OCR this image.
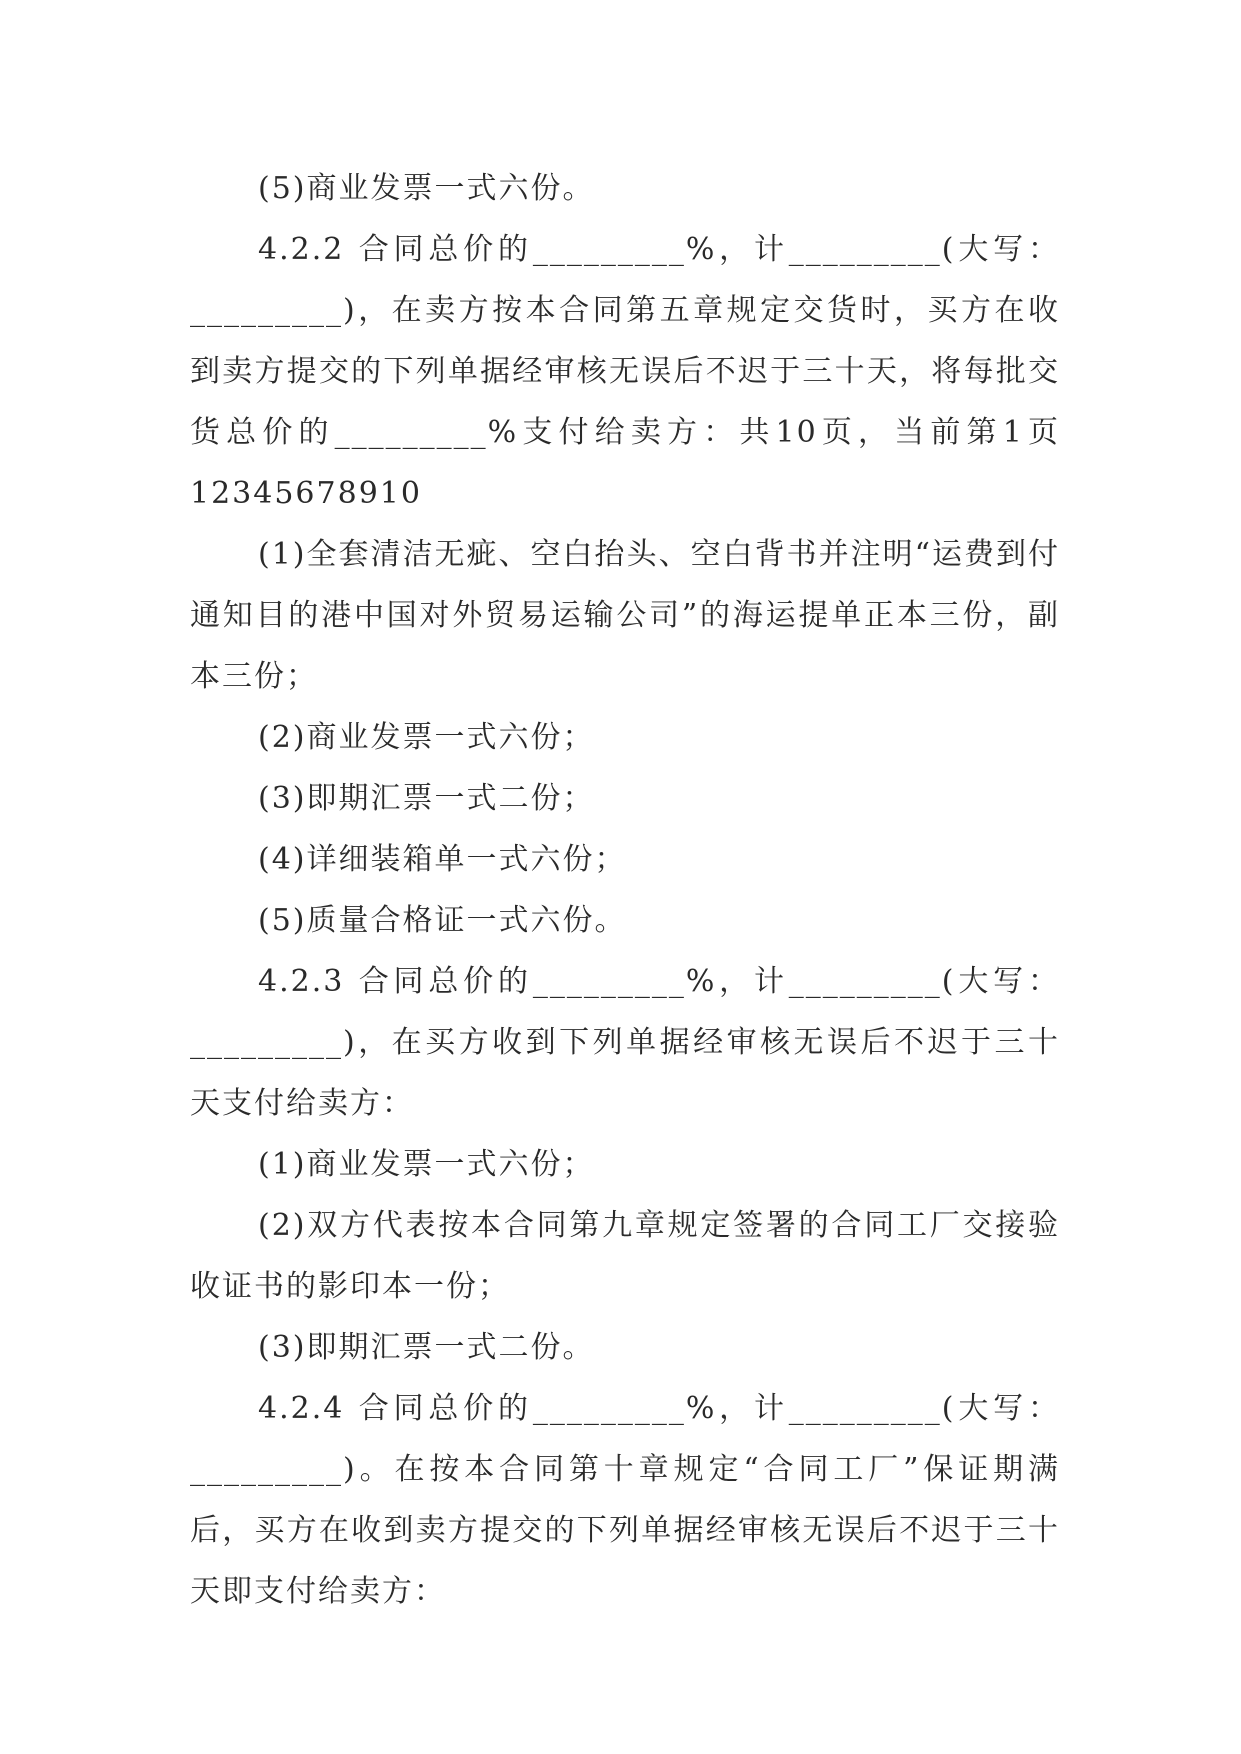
(5)商业发票一式六份。

4.2.2 合同总价的_________%，计_________(大写：_________)，在卖方按本合同第五章规定交货时，买方在收到卖方提交的下列单据经审核无误后不迟于三十天，将每批交货总价的_________%支付给卖方：共10页，当前第1页12345678910

(1)全套清洁无疵、空白抬头、空白背书并注明“运费到付通知目的港中国对外贸易运输公司”的海运提单正本三份，副本三份；

(2)商业发票一式六份；

(3)即期汇票一式二份；

(4)详细装箱单一式六份；

(5)质量合格证一式六份。

4.2.3 合同总价的_________%，计_________(大写：_________)，在买方收到下列单据经审核无误后不迟于三十天支付给卖方：

(1)商业发票一式六份；

(2)双方代表按本合同第九章规定签署的合同工厂交接验收证书的影印本一份；

(3)即期汇票一式二份。

4.2.4 合同总价的_________%，计_________(大写：_________)。在按本合同第十章规定“合同工厂”保证期满后，买方在收到卖方提交的下列单据经审核无误后不迟于三十天即支付给卖方：
